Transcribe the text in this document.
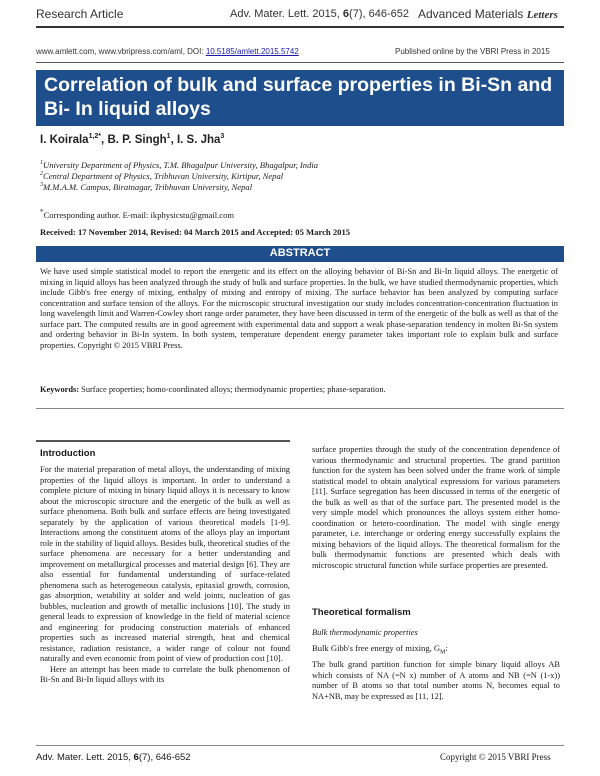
Research Article	Adv. Mater. Lett. 2015, 6(7), 646-652 Advanced Materials Letters
www.amlett.com, www.vbripress.com/aml, DOI: 10.5185/amlett.2015.5742	Published online by the VBRI Press in 2015
Correlation of bulk and surface properties in Bi-Sn and Bi- In liquid alloys
I. Koirala$^{1,2*}$, B. P. Singh$^1$, I. S. Jha$^3$
$^1$University Department of Physics, T.M. Bhagalpur University, Bhagalpur, India
$^2$Central Department of Physics, Tribhuvan University, Kirtipur, Nepal
$^3$M.M.A.M. Campus, Biratnagar, Tribhuvan University, Nepal
*Corresponding author. E-mail: ikphysicstu@gmail.com
Received: 17 November 2014, Revised: 04 March 2015 and Accepted: 05 March 2015
ABSTRACT
We have used simple statistical model to report the energetic and its effect on the alloying behavior of Bi-Sn and Bi-In liquid alloys. The energetic of mixing in liquid alloys has been analyzed through the study of bulk and surface properties. In the bulk, we have studied thermodynamic properties, which include Gibb's free energy of mixing, enthalpy of mixing and entropy of mixing. The surface behavior has been analyzed by computing surface concentration and surface tension of the alloys. For the microscopic structural investigation our study includes concentration-concentration fluctuation in long wavelength limit and Warren-Cowley short range order parameter, they have been discussed in term of the energetic of the bulk as well as that of the surface part. The computed results are in good agreement with experimental data and support a weak phase-separation tendency in molten Bi-Sn system and ordering behavior in Bi-In system. In both system, temperature dependent energy parameter takes important role to explain bulk and surface properties. Copyright © 2015 VBRI Press.
Keywords: Surface properties; homo-coordinated alloys; thermodynamic properties; phase-separation.
Introduction
For the material preparation of metal alloys, the understanding of mixing properties of the liquid alloys is important. In order to understand a complete picture of mixing in binary liquid alloys it is necessary to know about the microscopic structure and the energetic of the bulk as well as surface phenomena. Both bulk and surface effects are being investigated separately by the application of various theoretical models [1-9]. Interactions among the constituent atoms of the alloys play an important role in the stability of liquid alloys. Besides bulk, theoretical studies of the surface phenomena are necessary for a better understanding and improvement on metallurgical processes and material design [6]. They are also essential for fundamental understanding of surface-related phenomena such as heterogeneous catalysis, epitaxial growth, corrosion, gas absorption, wetability at solder and weld joints, nucleation of gas bubbles, nucleation and growth of metallic inclusions [10]. The study in general leads to expression of knowledge in the field of material science and engineering for producing construction materials of enhanced properties such as increased material strength, heat and chemical resistance, radiation resistance, a wider range of colour not found naturally and even economic from point of view of production cost [10].
Here an attempt has been made to correlate the bulk phenomenon of Bi-Sn and Bi-In liquid alloys with its
surface properties through the study of the concentration dependence of various thermodynamic and structural properties. The grand partition function for the system has been solved under the frame work of simple statistical model to obtain analytical expressions for various parameters [11]. Surface segregation has been discussed in terms of the energetic of the bulk as well as that of the surface part. The presented model is the very simple model which pronounces the alloys system either homo-coordination or hetero-coordination. The model with single energy parameter, i.e. interchange or ordering energy successfully explains the mixing behaviors of the liquid alloys. The theoretical formalism for the bulk thermodynamic functions are presented which deals with microscopic structural function while surface properties are presented.
Theoretical formalism
Bulk thermodynamic properties
Bulk Gibb's free energy of mixing, $G_M$:
The bulk grand partition function for simple binary liquid alloys AB which consists of NA (=N x) number of A atoms and NB (=N (1-x)) number of B atoms so that total number atoms N, becomes equal to NA+NB, may be expressed as [11, 12].
Adv. Mater. Lett. 2015, 6(7), 646-652	Copyright © 2015 VBRI Press
